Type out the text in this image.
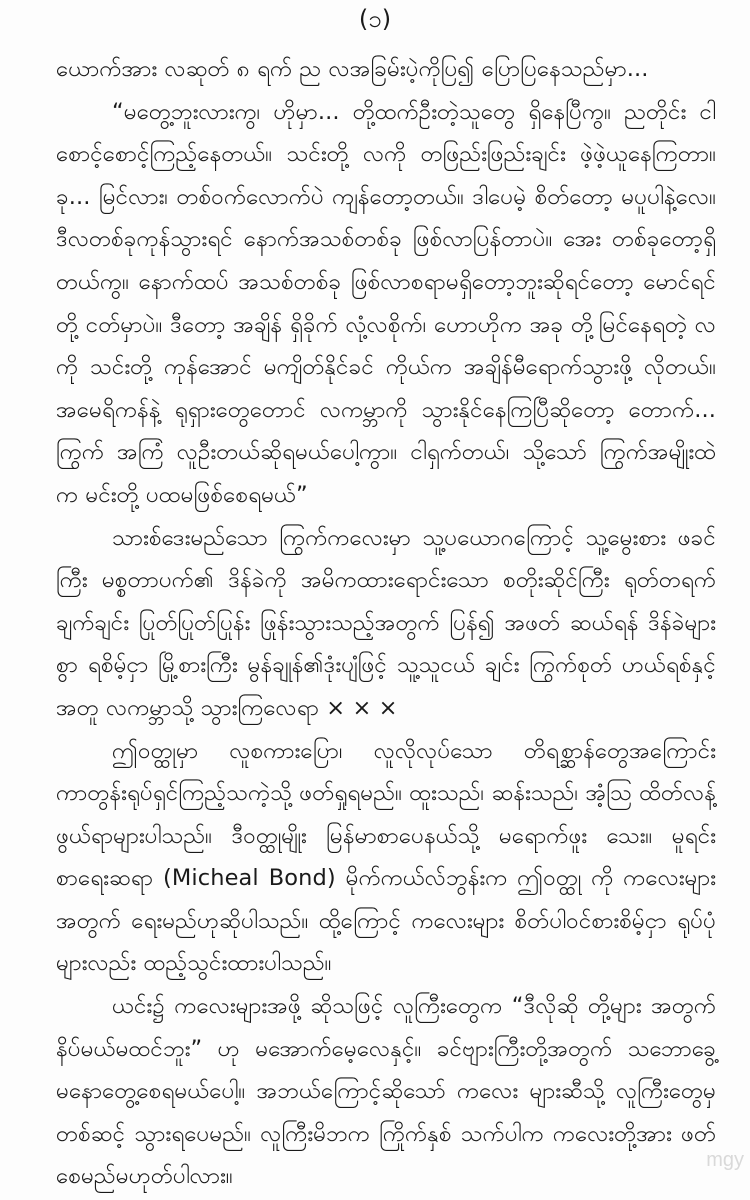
(၁)

ယောက်အား လဆုတ် ၈ ရက် ည လအခြမ်းပဲ့ကိုပြ၍ ပြောပြနေသည်မှာ...

“မတွေ့ဘူးလားကွ၊ ဟိုမှာ... တို့ထက်ဦးတဲ့သူတွေ ရှိနေပြီကွ။ ညတိုင်း ငါ စောင့်စောင့်ကြည့်နေတယ်။ သင်းတို့ လကို တဖြည်းဖြည်းချင်း ဖဲ့ဖဲ့ယူနေကြတာ။ ခု... မြင်လား၊ တစ်ဝက်လောက်ပဲ ကျန်တော့တယ်။ ဒါပေမဲ့ စိတ်တော့ မပူပါနဲ့လေ။ ဒီလတစ်ခုကုန်သွားရင် နောက်အသစ်တစ်ခု ဖြစ်လာပြန်တာပဲ။ အေး တစ်ခုတော့ရှိတယ်ကွ။ နောက်ထပ် အသစ်တစ်ခု ဖြစ်လာစရာမရှိတော့ဘူးဆိုရင်တော့ မောင်ရင်တို့ ငတ်မှာပဲ။ ဒီတော့ အချိန် ရှိခိုက် လုံ့လစိုက်၊ ဟောဟိုက အခု တို့မြင်နေရတဲ့ လကို သင်းတို့ ကုန်အောင် မကျိတ်နိုင်ခင် ကိုယ်က အချိန်မီရောက်သွားဖို့ လိုတယ်။ အမေရိကန်နဲ့ ရုရှားတွေတောင် လကမ္ဘာကို သွားနိုင်နေကြပြီဆိုတော့ တောက်... ကြွက် အကြံ လူဦးတယ်ဆိုရမယ်ပေါ့ကွာ။ ငါရှက်တယ်၊ သို့သော် ကြွက်အမျိုးထဲ က မင်းတို့ ပထမဖြစ်စေရမယ်”

သားစ်ဒေးမည်သော ကြွက်ကလေးမှာ သူ့ပယောဂကြောင့် သူ့မွေးစား ဖခင်ကြီး မစ္စတာပက်၏ ဒိန်ခဲကို အမိကထားရောင်းသော စတိုးဆိုင်ကြီး ရုတ်တရက်ချက်ချင်း ပြုတ်ပြုတ်ပြုန်း ဖြုန်းသွားသည့်အတွက် ပြန်၍ အဖတ် ဆယ်ရန် ဒိန်ခဲများစွာ ရစိမ့်ငှာ မြို့စားကြီး မွန်ချုန်၏ဒုံးပျံဖြင့် သူ့သူငယ် ချင်း ကြွက်စုတ် ဟယ်ရစ်နှင့်အတူ လကမ္ဘာသို့ သွားကြလေရာ × × ×

ဤဝတ္ထုမှာ လူစကားပြော၊ လူလိုလုပ်သော တိရစ္ဆာန်တွေအကြောင်း ကာတွန်းရုပ်ရှင်ကြည့်သကဲ့သို့ ဖတ်ရှုရမည်။ ထူးသည်၊ ဆန်းသည်၊ အံ့သြ ထိတ်လန့်ဖွယ်ရာများပါသည်။ ဒီဝတ္ထုမျိုး မြန်မာစာပေနယ်သို့ မရောက်ဖူး သေး။ မူရင်းစာရေးဆရာ (Micheal Bond) မိုက်ကယ်လ်ဘွန်းက ဤဝတ္ထု ကို ကလေးများအတွက် ရေးမည်ဟုဆိုပါသည်။ ထို့ကြောင့် ကလေးများ စိတ်ပါဝင်စားစိမ့်ငှာ ရုပ်ပုံများလည်း ထည့်သွင်းထားပါသည်။

ယင်း၌ ကလေးများအဖို့ ဆိုသဖြင့် လူကြီးတွေက “ဒီလိုဆို တို့များ အတွက် နိပ်မယ်မထင်ဘူး” ဟု မအောက်မေ့လေနှင့်။ ခင်ဗျားကြီးတို့အတွက် သဘောခွေ့ မနောတွေ့စေရမယ်ပေါ့။ အဘယ်ကြောင့်ဆိုသော် ကလေး များဆီသို့ လူကြီးတွေမှတစ်ဆင့် သွားရပေမည်။ လူကြီးမိဘက ကြိုက်နှစ် သက်ပါက ကလေးတို့အား ဖတ်စေမည်မဟုတ်ပါလား။

mgy
